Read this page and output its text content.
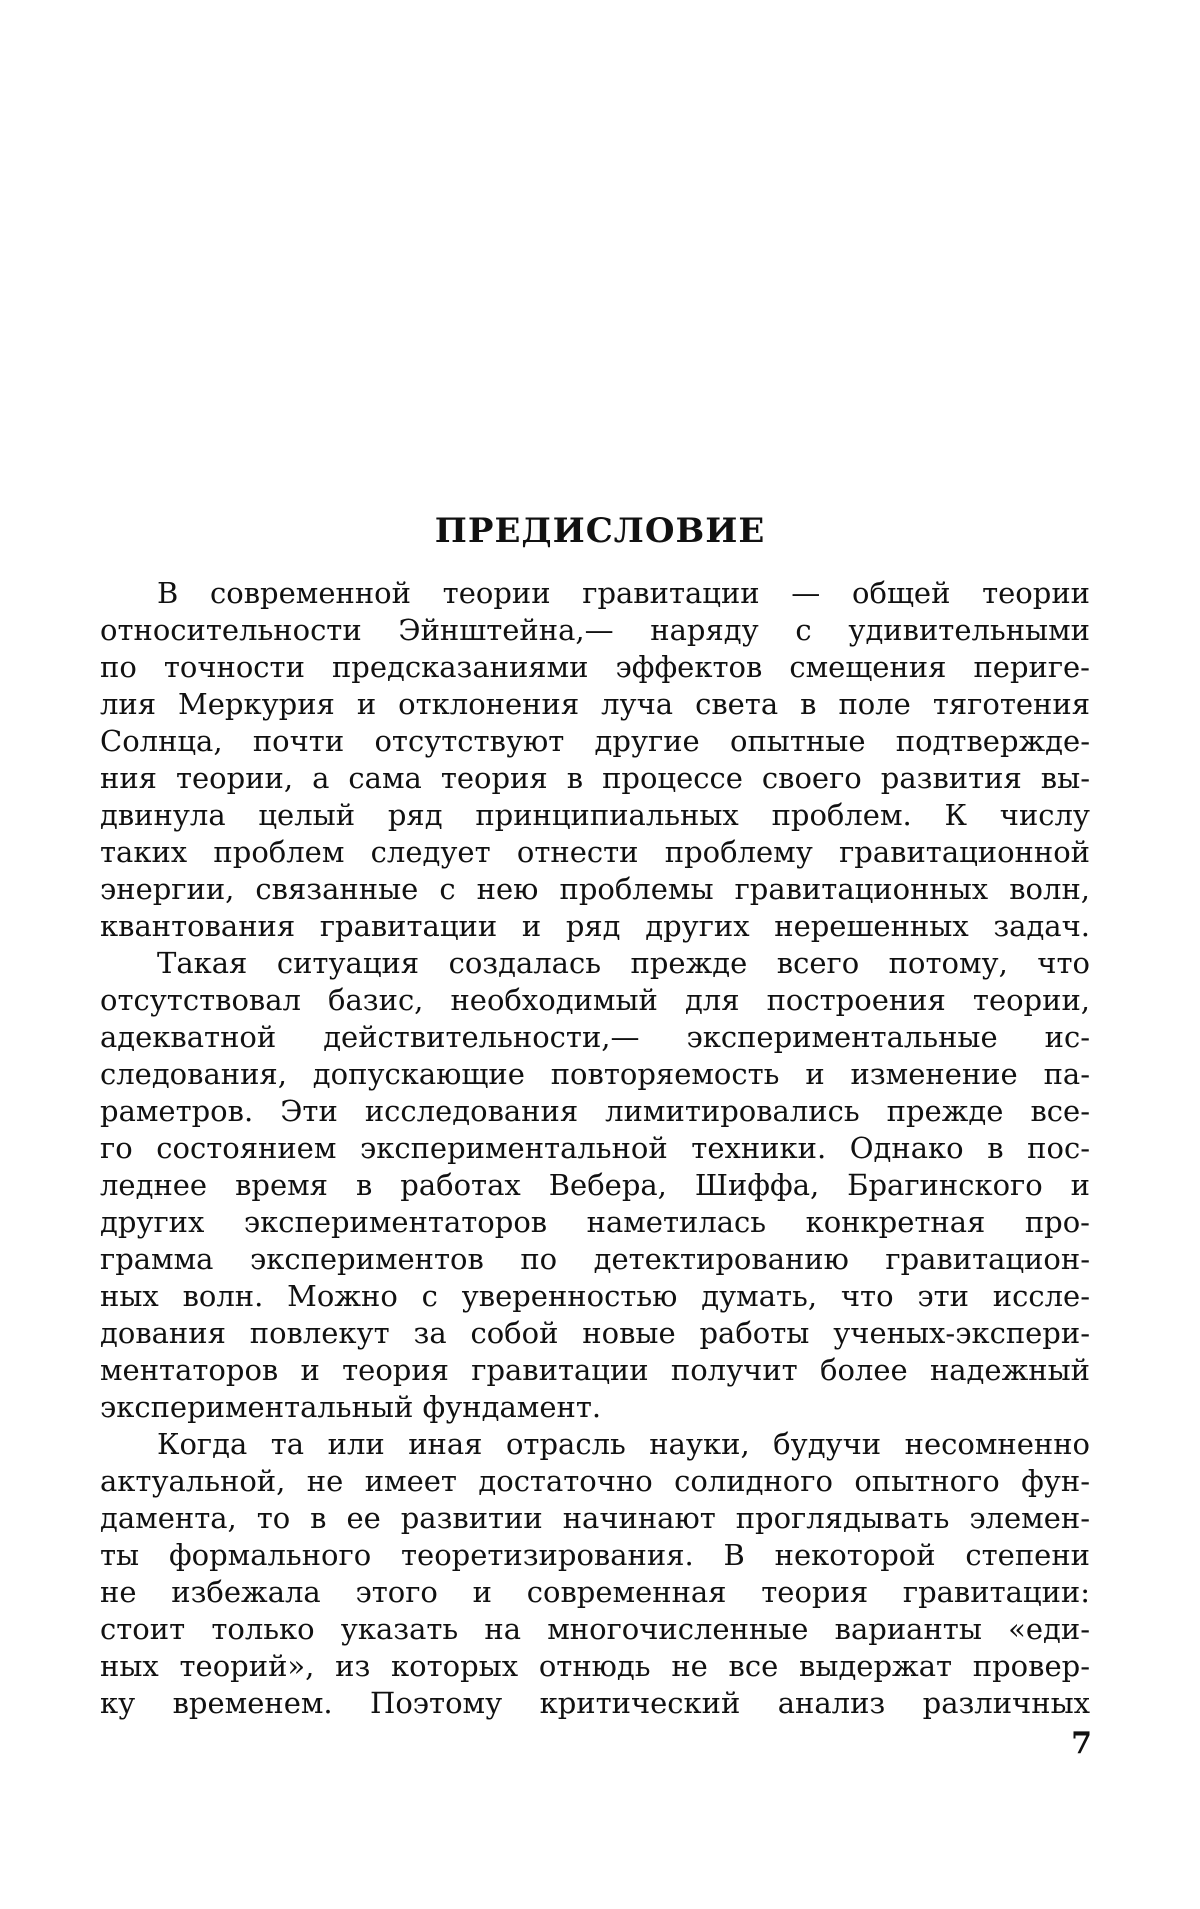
ПРЕДИСЛОВИЕ

В современной теории гравитации — общей теории
относительности Эйнштейна,— наряду с удивительными
по точности предсказаниями эффектов смещения периге-
лия Меркурия и отклонения луча света в поле тяготения
Солнца, почти отсутствуют другие опытные подтвержде-
ния теории, а сама теория в процессе своего развития вы-
двинула целый ряд принципиальных проблем. К числу
таких проблем следует отнести проблему гравитационной
энергии, связанные с нею проблемы гравитационных волн,
квантования гравитации и ряд других нерешенных задач.

Такая ситуация создалась прежде всего потому, что
отсутствовал базис, необходимый для построения теории,
адекватной действительности,— экспериментальные ис-
следования, допускающие повторяемость и изменение па-
раметров. Эти исследования лимитировались прежде все-
го состоянием экспериментальной техники. Однако в пос-
леднее время в работах Вебера, Шиффа, Брагинского и
других экспериментаторов наметилась конкретная про-
грамма экспериментов по детектированию гравитацион-
ных волн. Можно с уверенностью думать, что эти иссле-
дования повлекут за собой новые работы ученых-экспери-
ментаторов и теория гравитации получит более надежный
экспериментальный фундамент.

Когда та или иная отрасль науки, будучи несомненно
актуальной, не имеет достаточно солидного опытного фун-
дамента, то в ее развитии начинают проглядывать элемен-
ты формального теоретизирования. В некоторой степени
не избежала этого и современная теория гравитации:
стоит только указать на многочисленные варианты «еди-
ных теорий», из которых отнюдь не все выдержат провер-
ку временем. Поэтому критический анализ различных

7
